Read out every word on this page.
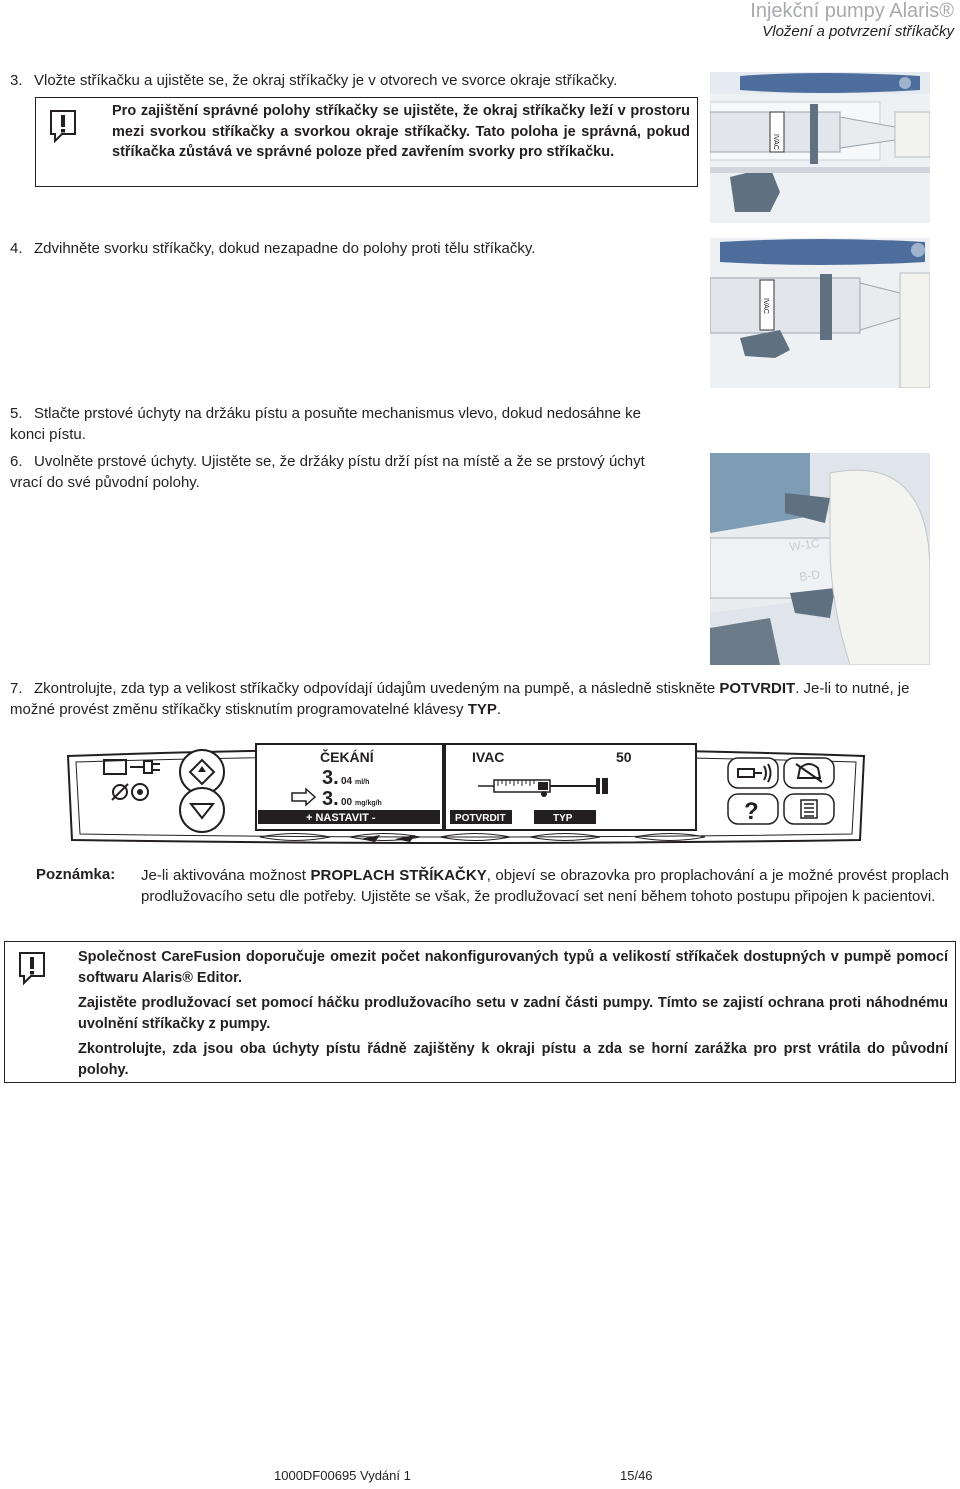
Injekční pumpy Alaris®
Vložení a potvrzení stříkačky
3. Vložte stříkačku a ujistěte se, že okraj stříkačky je v otvorech ve svorce okraje stříkačky.
Pro zajištění správné polohy stříkačky se ujistěte, že okraj stříkačky leží v prostoru mezi svorkou stříkačky a svorkou okraje stříkačky. Tato poloha je správná, pokud stříkačka zůstává ve správné poloze před zavřením svorky pro stříkačku.
IVAC
4. Zdvihněte svorku stříkačky, dokud nezapadne do polohy proti tělu stříkačky.
IVAC
5. Stlačte prstové úchyty na držáku pístu a posuňte mechanismus vlevo, dokud nedosáhne ke konci pístu.
6. Uvolněte prstové úchyty. Ujistěte se, že držáky pístu drží píst na místě a že se prstový úchyt vrací do své původní polohy.
W-1C
B-D
7. Zkontrolujte, zda typ a velikost stříkačky odpovídají údajům uvedeným na pumpě, a následně stiskněte POTVRDIT. Je-li to nutné, je možné provést změnu stříkačky stisknutím programovatelné klávesy TYP.
ČEKÁNÍ
3. 04 ml/h
3. 00 mg/kg/h
+ NASTAVIT -
IVAC	50
POTVRDIT	TYP	?
Poznámka: Je-li aktivována možnost PROPLACH STŘÍKAČKY, objeví se obrazovka pro proplachování a je možné provést proplach prodlužovacího setu dle potřeby. Ujistěte se však, že prodlužovací set není během tohoto postupu připojen k pacientovi.
Společnost CareFusion doporučuje omezit počet nakonfigurovaných typů a velikostí stříkaček dostupných v pumpě pomocí softwaru Alaris® Editor.
Zajistěte prodlužovací set pomocí háčku prodlužovacího setu v zadní části pumpy. Tímto se zajistí ochrana proti náhodnému uvolnění stříkačky z pumpy.
Zkontrolujte, zda jsou oba úchyty pístu řádně zajištěny k okraji pístu a zda se horní zarážka pro prst vrátila do původní polohy.
1000DF00695 Vydání 1	15/46
